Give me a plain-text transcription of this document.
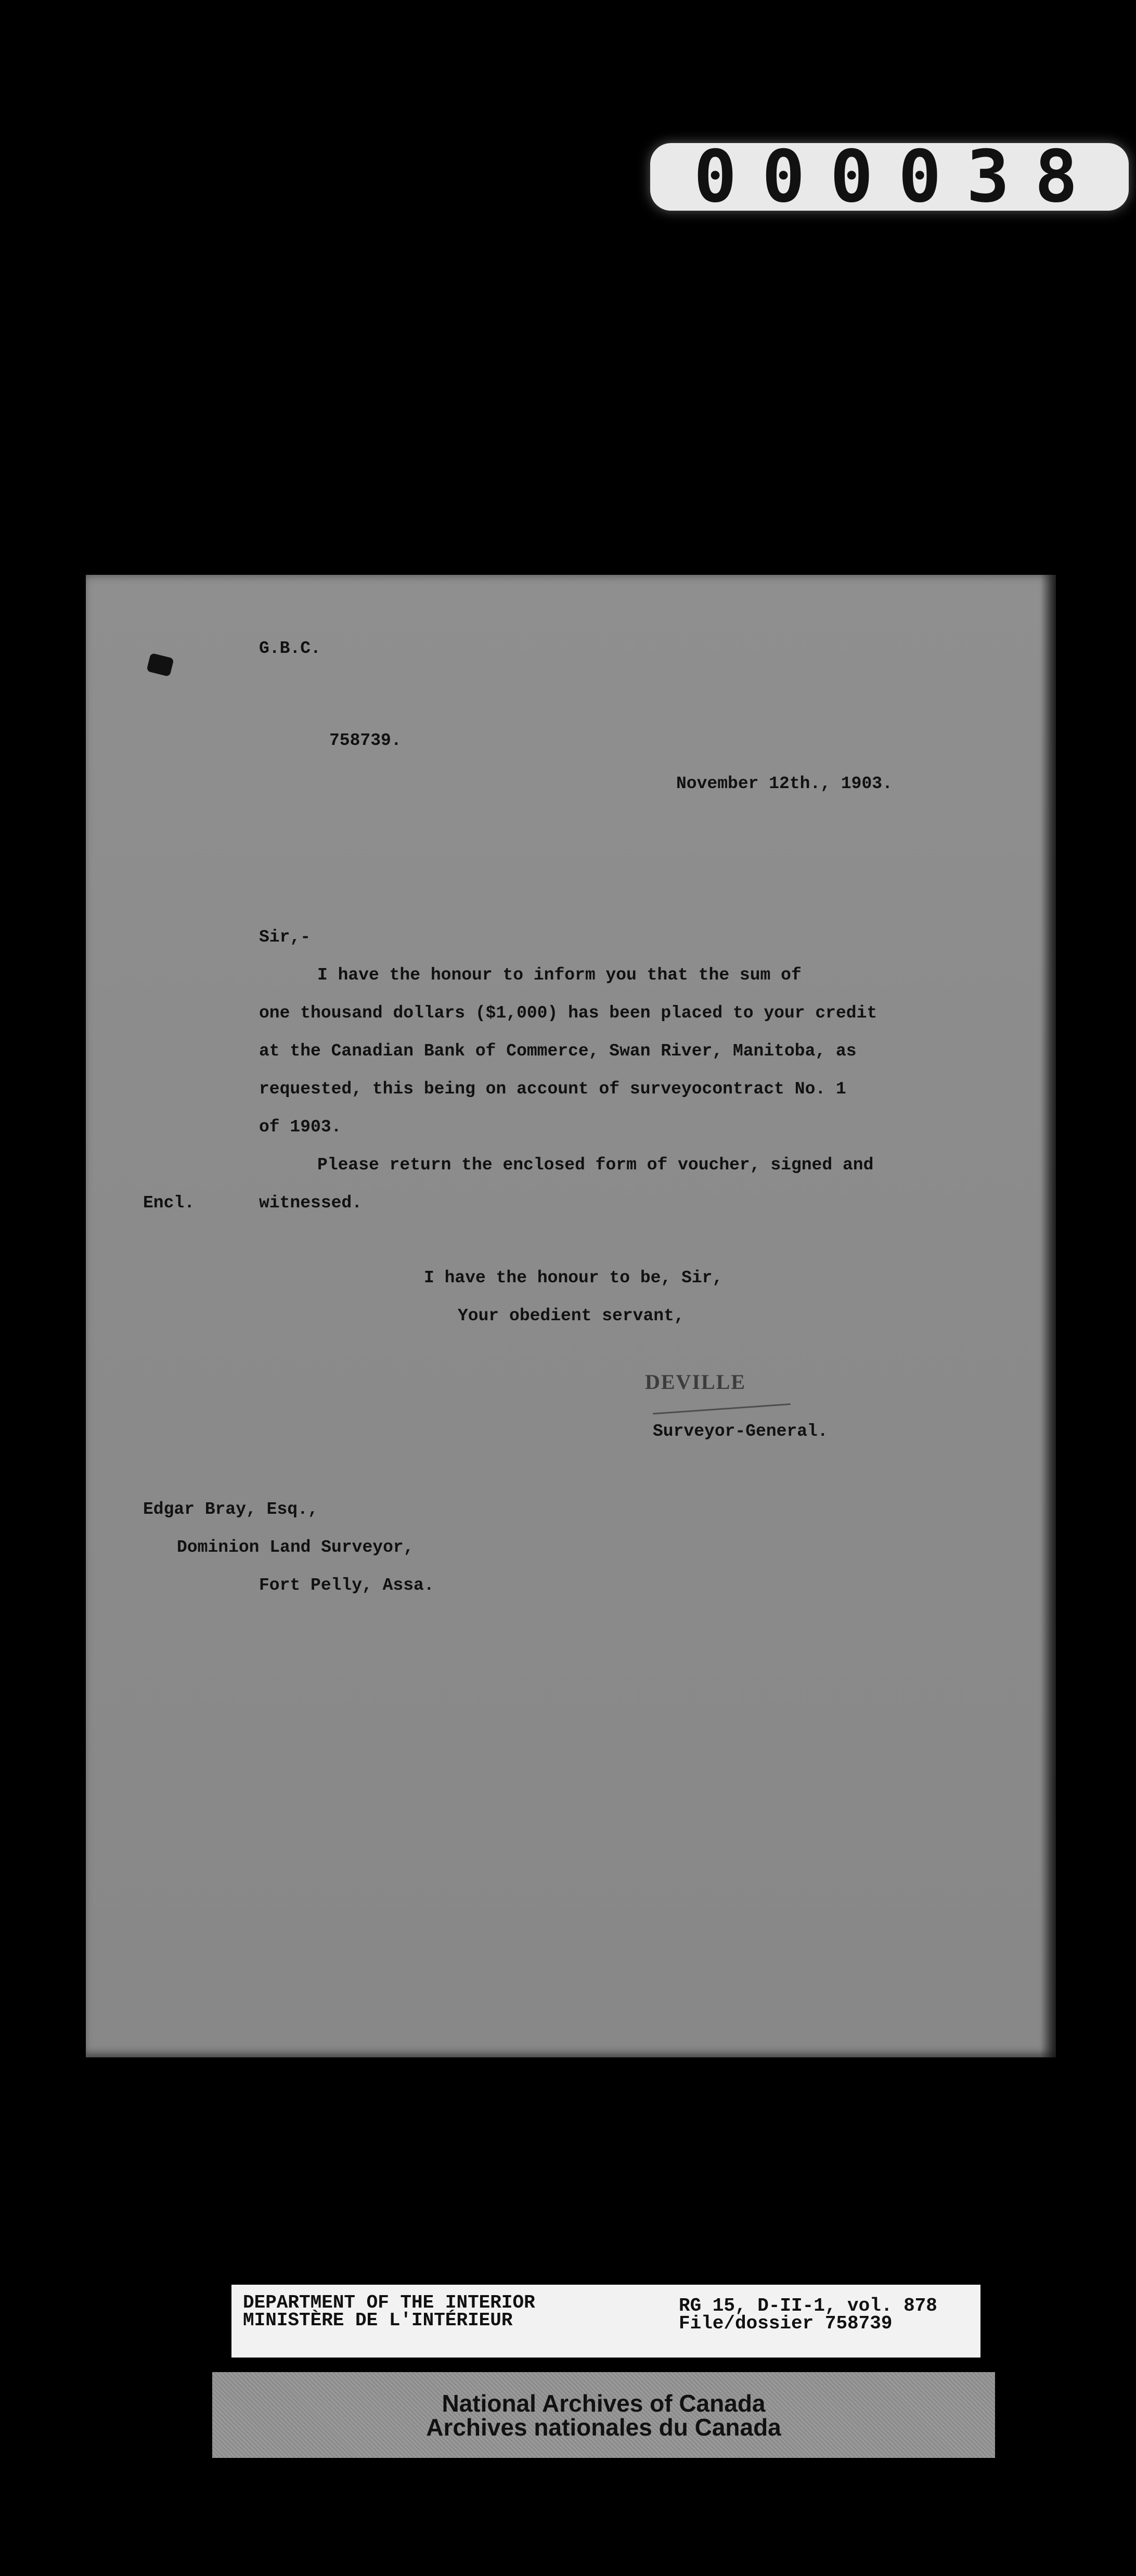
000038
G.B.C.
758739.
November 12th., 1903.
Sir,-
I have the honour to inform you that the sum of
one thousand dollars ($1,000) has been placed to your credit
at the Canadian Bank of Commerce, Swan River, Manitoba, as
requested, this being on account of surveyocontract No. 1
of 1903.
Please return the enclosed form of voucher, signed and
Encl.	witnessed.
I have the honour to be, Sir,
Your obedient servant,
DEVILLE
Surveyor-General.
Edgar Bray, Esq.,
Dominion Land Surveyor,
Fort Pelly, Assa.
DEPARTMENT OF THE INTERIOR
MINISTÈRE DE L'INTÉRIEUR
RG 15, D-II-1, vol. 878
File/dossier 758739
National Archives of Canada
Archives nationales du Canada
